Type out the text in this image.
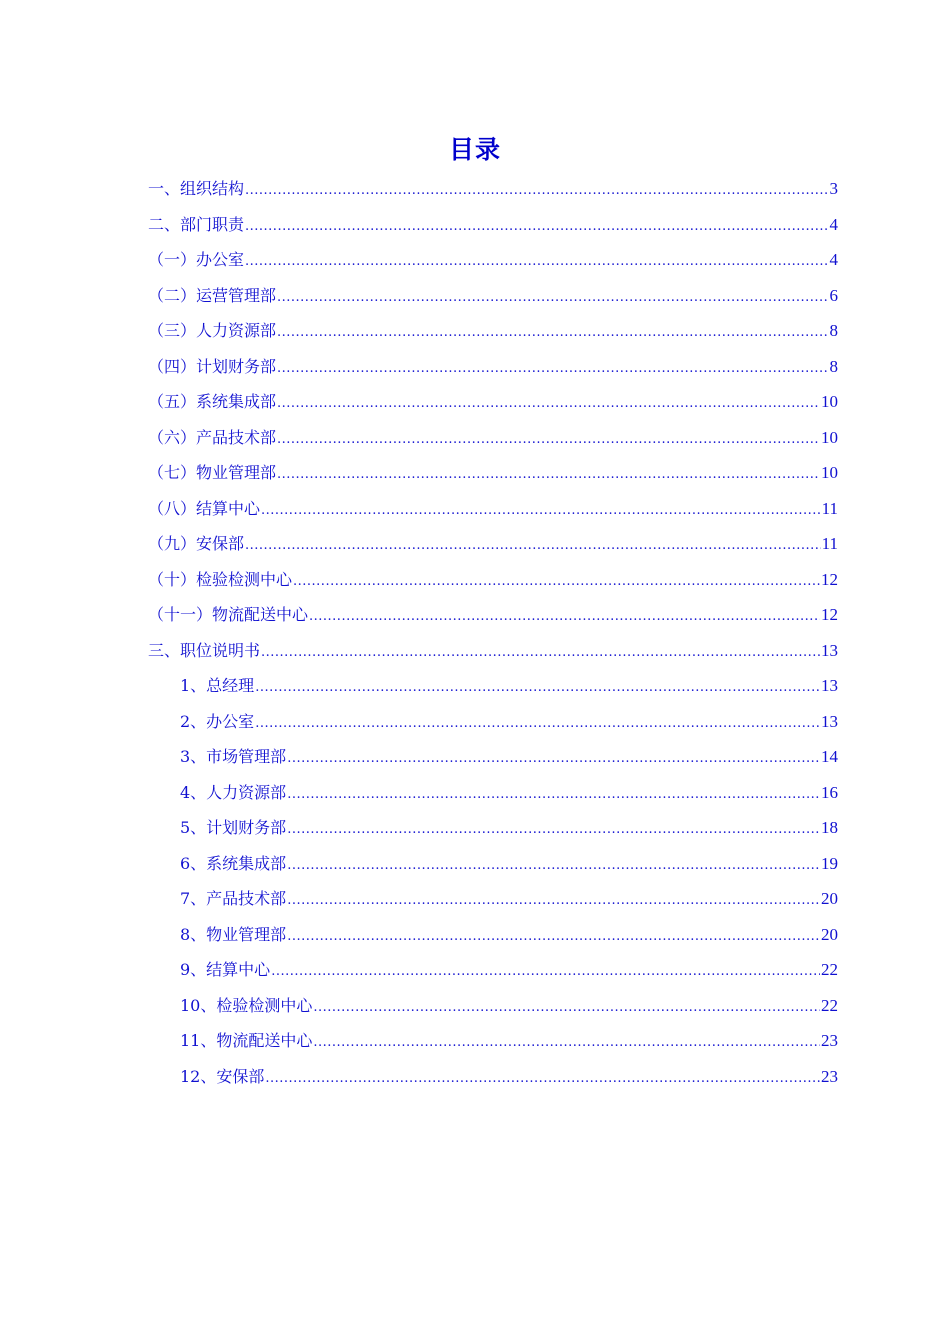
目录
一、组织结构 .....	3
二、部门职责 .....	4
（一）办公室 .....	4
（二）运营管理部 .....	6
（三）人力资源部 .....	8
（四）计划财务部 .....	8
（五）系统集成部 .....	10
（六）产品技术部 .....	10
（七）物业管理部 .....	10
（八）结算中心 .....	11
（九）安保部 .....	11
（十）检验检测中心 .....	12
（十一）物流配送中心 .....	12
三、职位说明书 .....	13
1、总经理 .....	13
2、办公室 .....	13
3、市场管理部 .....	14
4、人力资源部 .....	16
5、计划财务部 .....	18
6、系统集成部 .....	19
7、产品技术部 .....	20
8、物业管理部 .....	20
9、结算中心 .....	22
10、检验检测中心 .....	22
11、物流配送中心 .....	23
12、安保部 .....	23
